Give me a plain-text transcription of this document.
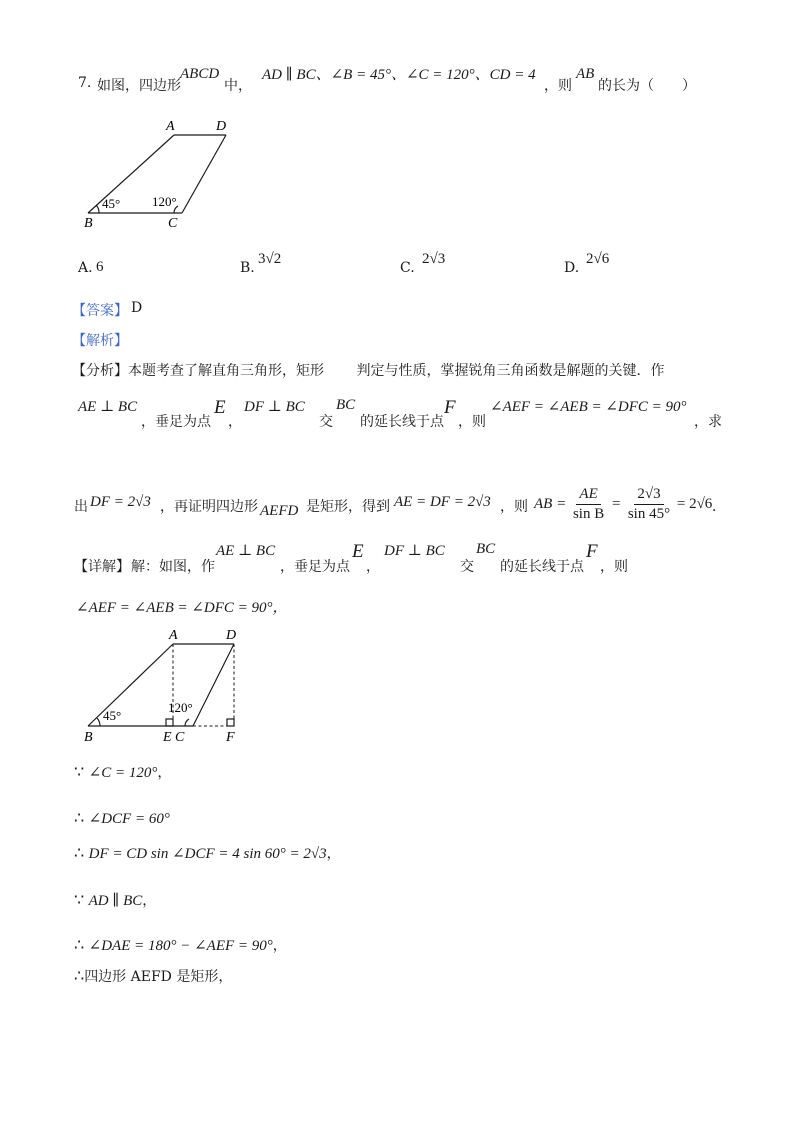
7. 如图，四边形
ABCD
中，
AD ∥ BC、∠B = 45°、∠C = 120°、CD = 4
，则
AB
的长为（　　）
A	D
B	C
45° 120°
A. 6	B.
3√2
C.
2√3
D.
2√6
【答案】 D
【解析】
【分析】 本题考查了解直角三角形，矩形　　 判定与性质，掌握锐角三角函数是解题的关键．作
AE ⊥ BC
，垂足为点
E
，
DF ⊥ BC
交
BC
的延长线于点
F
，则
∠AEF = ∠AEB = ∠DFC = 90°
，求
出 DF = 2√3 ，再证明四边形 AEFD 是矩形，得到 AE = DF = 2√3 ，则 AB = $\frac{AE}{\text{sin B}} = \frac{2√3}{\sin 45^\circ} = 2√6$ ．
【详解】 解：如图，作
AE ⊥ BC
，垂足为点
E
，
DF ⊥ BC
交
BC
的延长线于点
F
，则
∠AEF = ∠AEB = ∠DFC = 90°，
A	D
B	E C	F
45°
120°
∵ ∠C = 120°，
∴ ∠DCF = 60°
∴ DF = CD sin ∠DCF = 4 sin 60° = 2√3，
∵ AD ∥ BC，
∴ ∠DAE = 180° − ∠AEF = 90°，
∴四边形 AEFD 是矩形，
